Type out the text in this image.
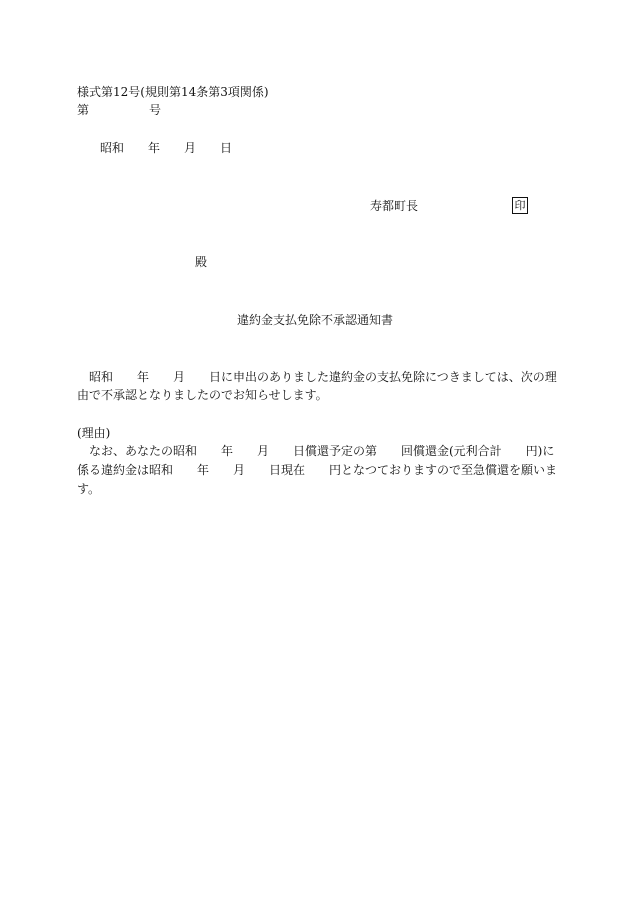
様式第12号(規則第14条第3項関係)
第　　　　　号
昭和　　年　　月　　日
寿都町長	印
殿
違約金支払免除不承認通知書
　昭和　　年　　月　　日に申出のありました違約金の支払免除につきましては、次の理
由で不承認となりましたのでお知らせします。
(理由)
　なお、あなたの昭和　　年　　月　　日償還予定の第　　回償還金(元利合計　　円)に
係る違約金は昭和　　年　　月　　日現在　　円となつておりますので至急償還を願いま
す。
